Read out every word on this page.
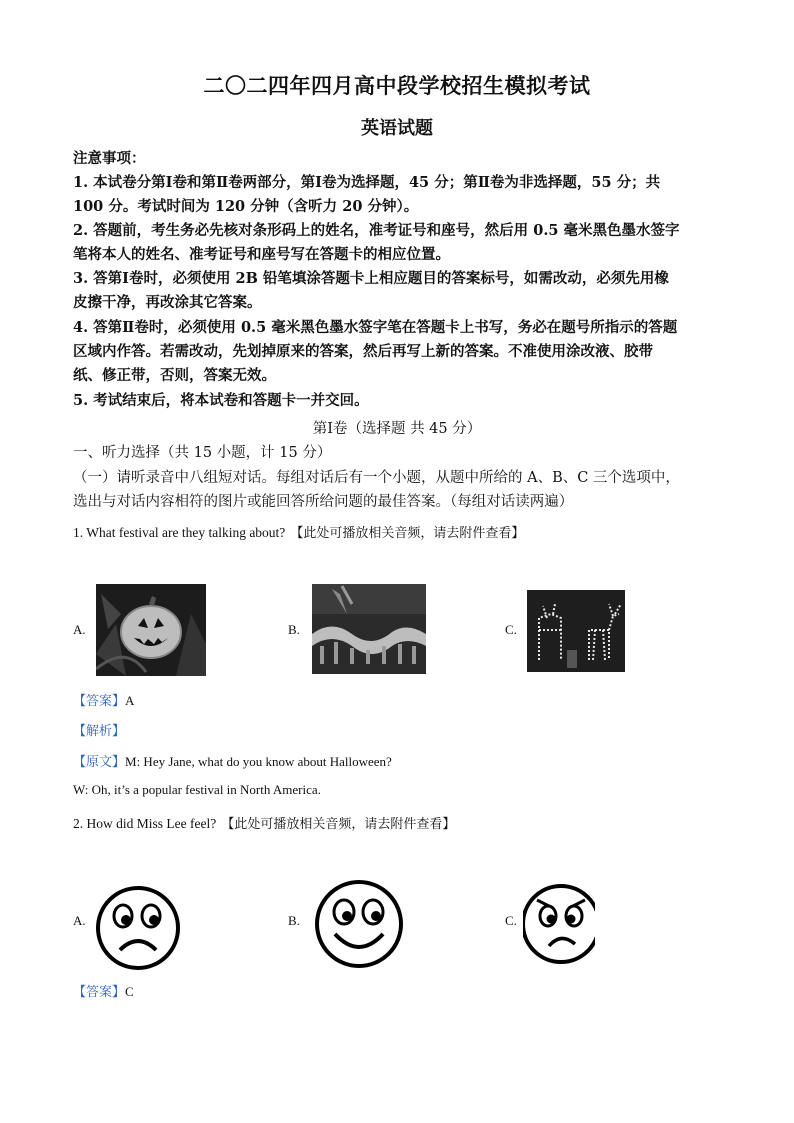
二〇二四年四月高中段学校招生模拟考试
英语试题
注意事项：
1. 本试卷分第Ⅰ卷和第Ⅱ卷两部分，第Ⅰ卷为选择题，45 分；第Ⅱ卷为非选择题，55 分；共
100 分。考试时间为 120 分钟（含听力 20 分钟）。
2. 答题前，考生务必先核对条形码上的姓名，准考证号和座号，然后用 0.5 毫米黑色墨水签字
笔将本人的姓名、准考证号和座号写在答题卡的相应位置。
3. 答第Ⅰ卷时，必须使用 2B 铅笔填涂答题卡上相应题目的答案标号，如需改动，必须先用橡
皮擦干净，再改涂其它答案。
4. 答第Ⅱ卷时，必须使用 0.5 毫米黑色墨水签字笔在答题卡上书写，务必在题号所指示的答题
区域内作答。若需改动，先划掉原来的答案，然后再写上新的答案。不准使用涂改液、胶带
纸、修正带，否则，答案无效。
5. 考试结束后，将本试卷和答题卡一并交回。
第Ⅰ卷（选择题 共 45 分）
一、听力选择（共 15 小题，计 15 分）
（一）请听录音中八组短对话。每组对话后有一个小题，从题中所给的 A、B、C 三个选项中，
选出与对话内容相符的图片或能回答所给问题的最佳答案。（每组对话读两遍）
1. What festival are they talking about? 【此处可播放相关音频，请去附件查看】
A.	B.	C.
【答案】A
【解析】
【原文】M: Hey Jane, what do you know about Halloween?
W: Oh, it’s a popular festival in North America.
2. How did Miss Lee feel? 【此处可播放相关音频，请去附件查看】
A.	B.	C.
【答案】C
